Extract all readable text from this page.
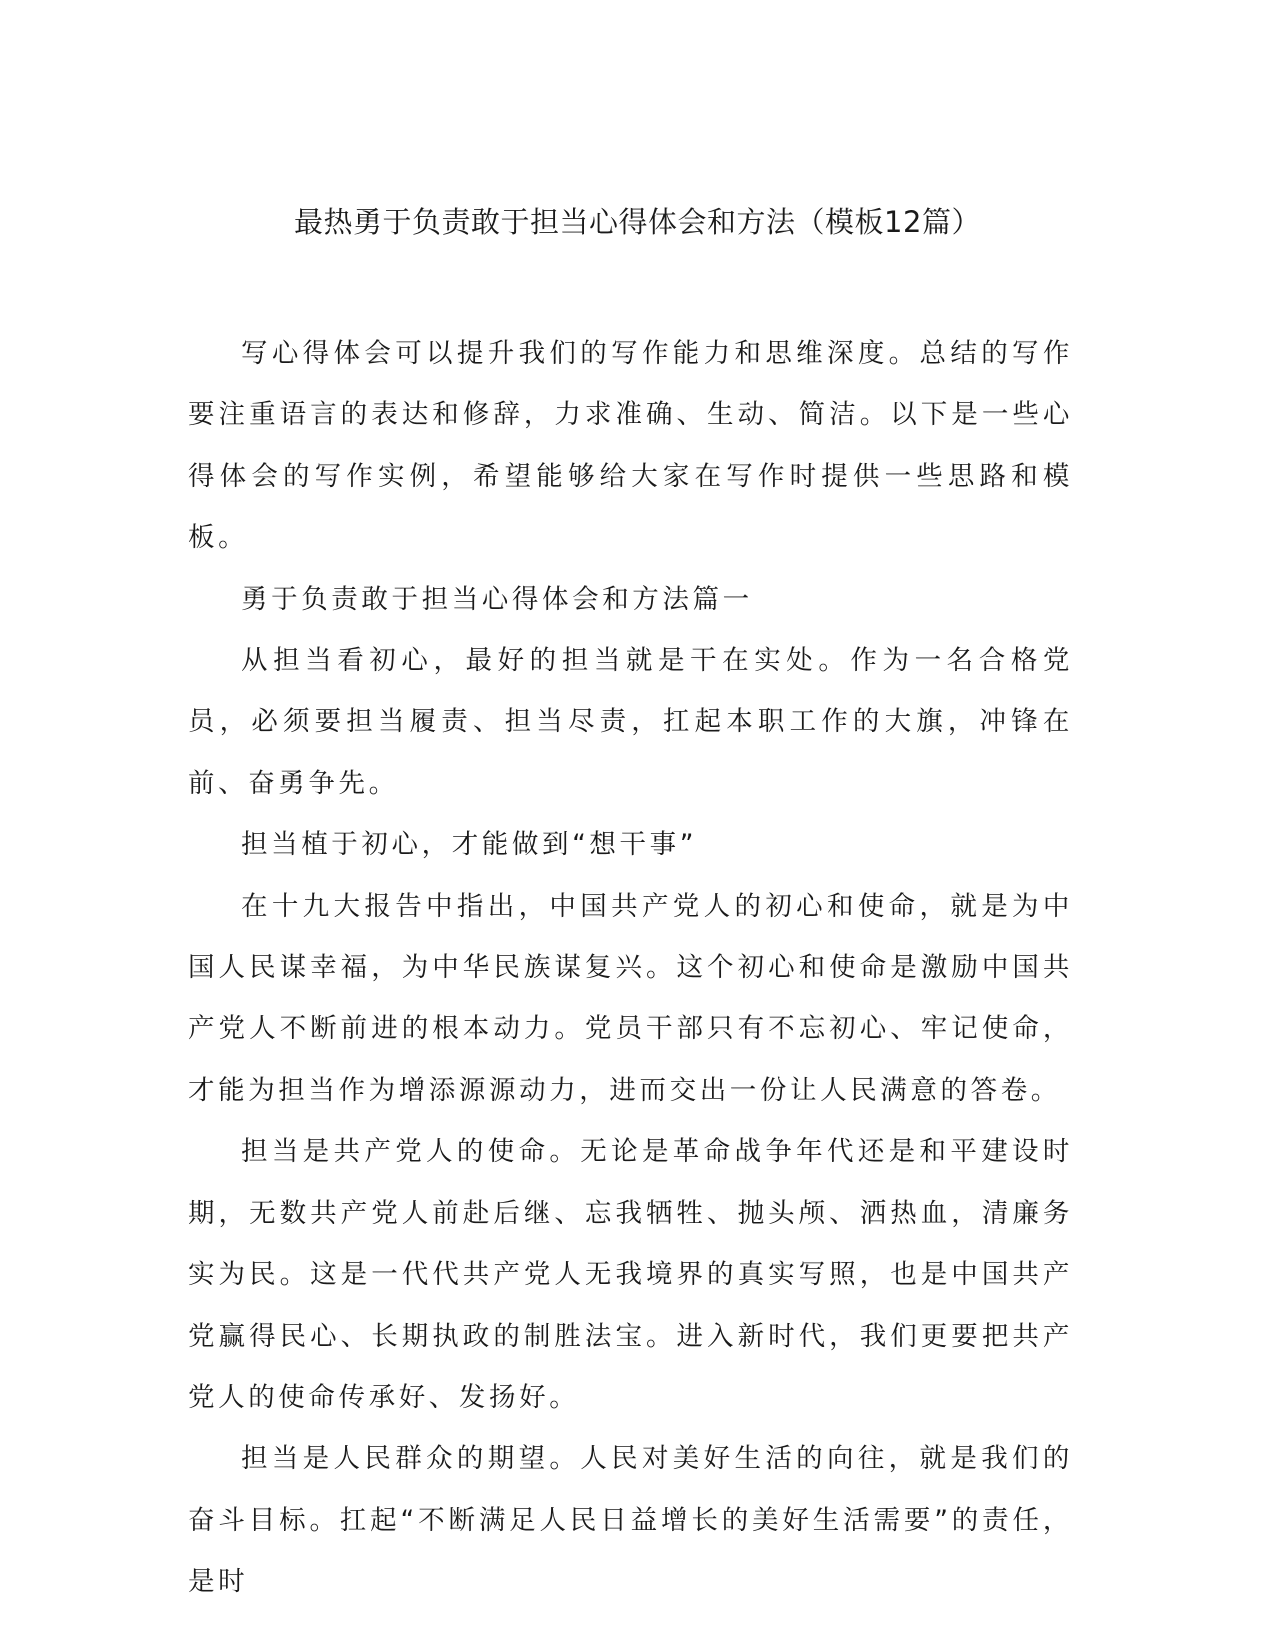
最热勇于负责敢于担当心得体会和方法（模板12篇）

写心得体会可以提升我们的写作能力和思维深度。总结的写作要注重语言的表达和修辞，力求准确、生动、简洁。以下是一些心得体会的写作实例，希望能够给大家在写作时提供一些思路和模板。

勇于负责敢于担当心得体会和方法篇一

从担当看初心，最好的担当就是干在实处。作为一名合格党员，必须要担当履责、担当尽责，扛起本职工作的大旗，冲锋在前、奋勇争先。

担当植于初心，才能做到“想干事”

在十九大报告中指出，中国共产党人的初心和使命，就是为中国人民谋幸福，为中华民族谋复兴。这个初心和使命是激励中国共产党人不断前进的根本动力。党员干部只有不忘初心、牢记使命，才能为担当作为增添源源动力，进而交出一份让人民满意的答卷。

担当是共产党人的使命。无论是革命战争年代还是和平建设时期，无数共产党人前赴后继、忘我牺牲、抛头颅、洒热血，清廉务实为民。这是一代代共产党人无我境界的真实写照，也是中国共产党赢得民心、长期执政的制胜法宝。进入新时代，我们更要把共产党人的使命传承好、发扬好。

担当是人民群众的期望。人民对美好生活的向往，就是我们的奋斗目标。扛起“不断满足人民日益增长的美好生活需要”的责任，是时
